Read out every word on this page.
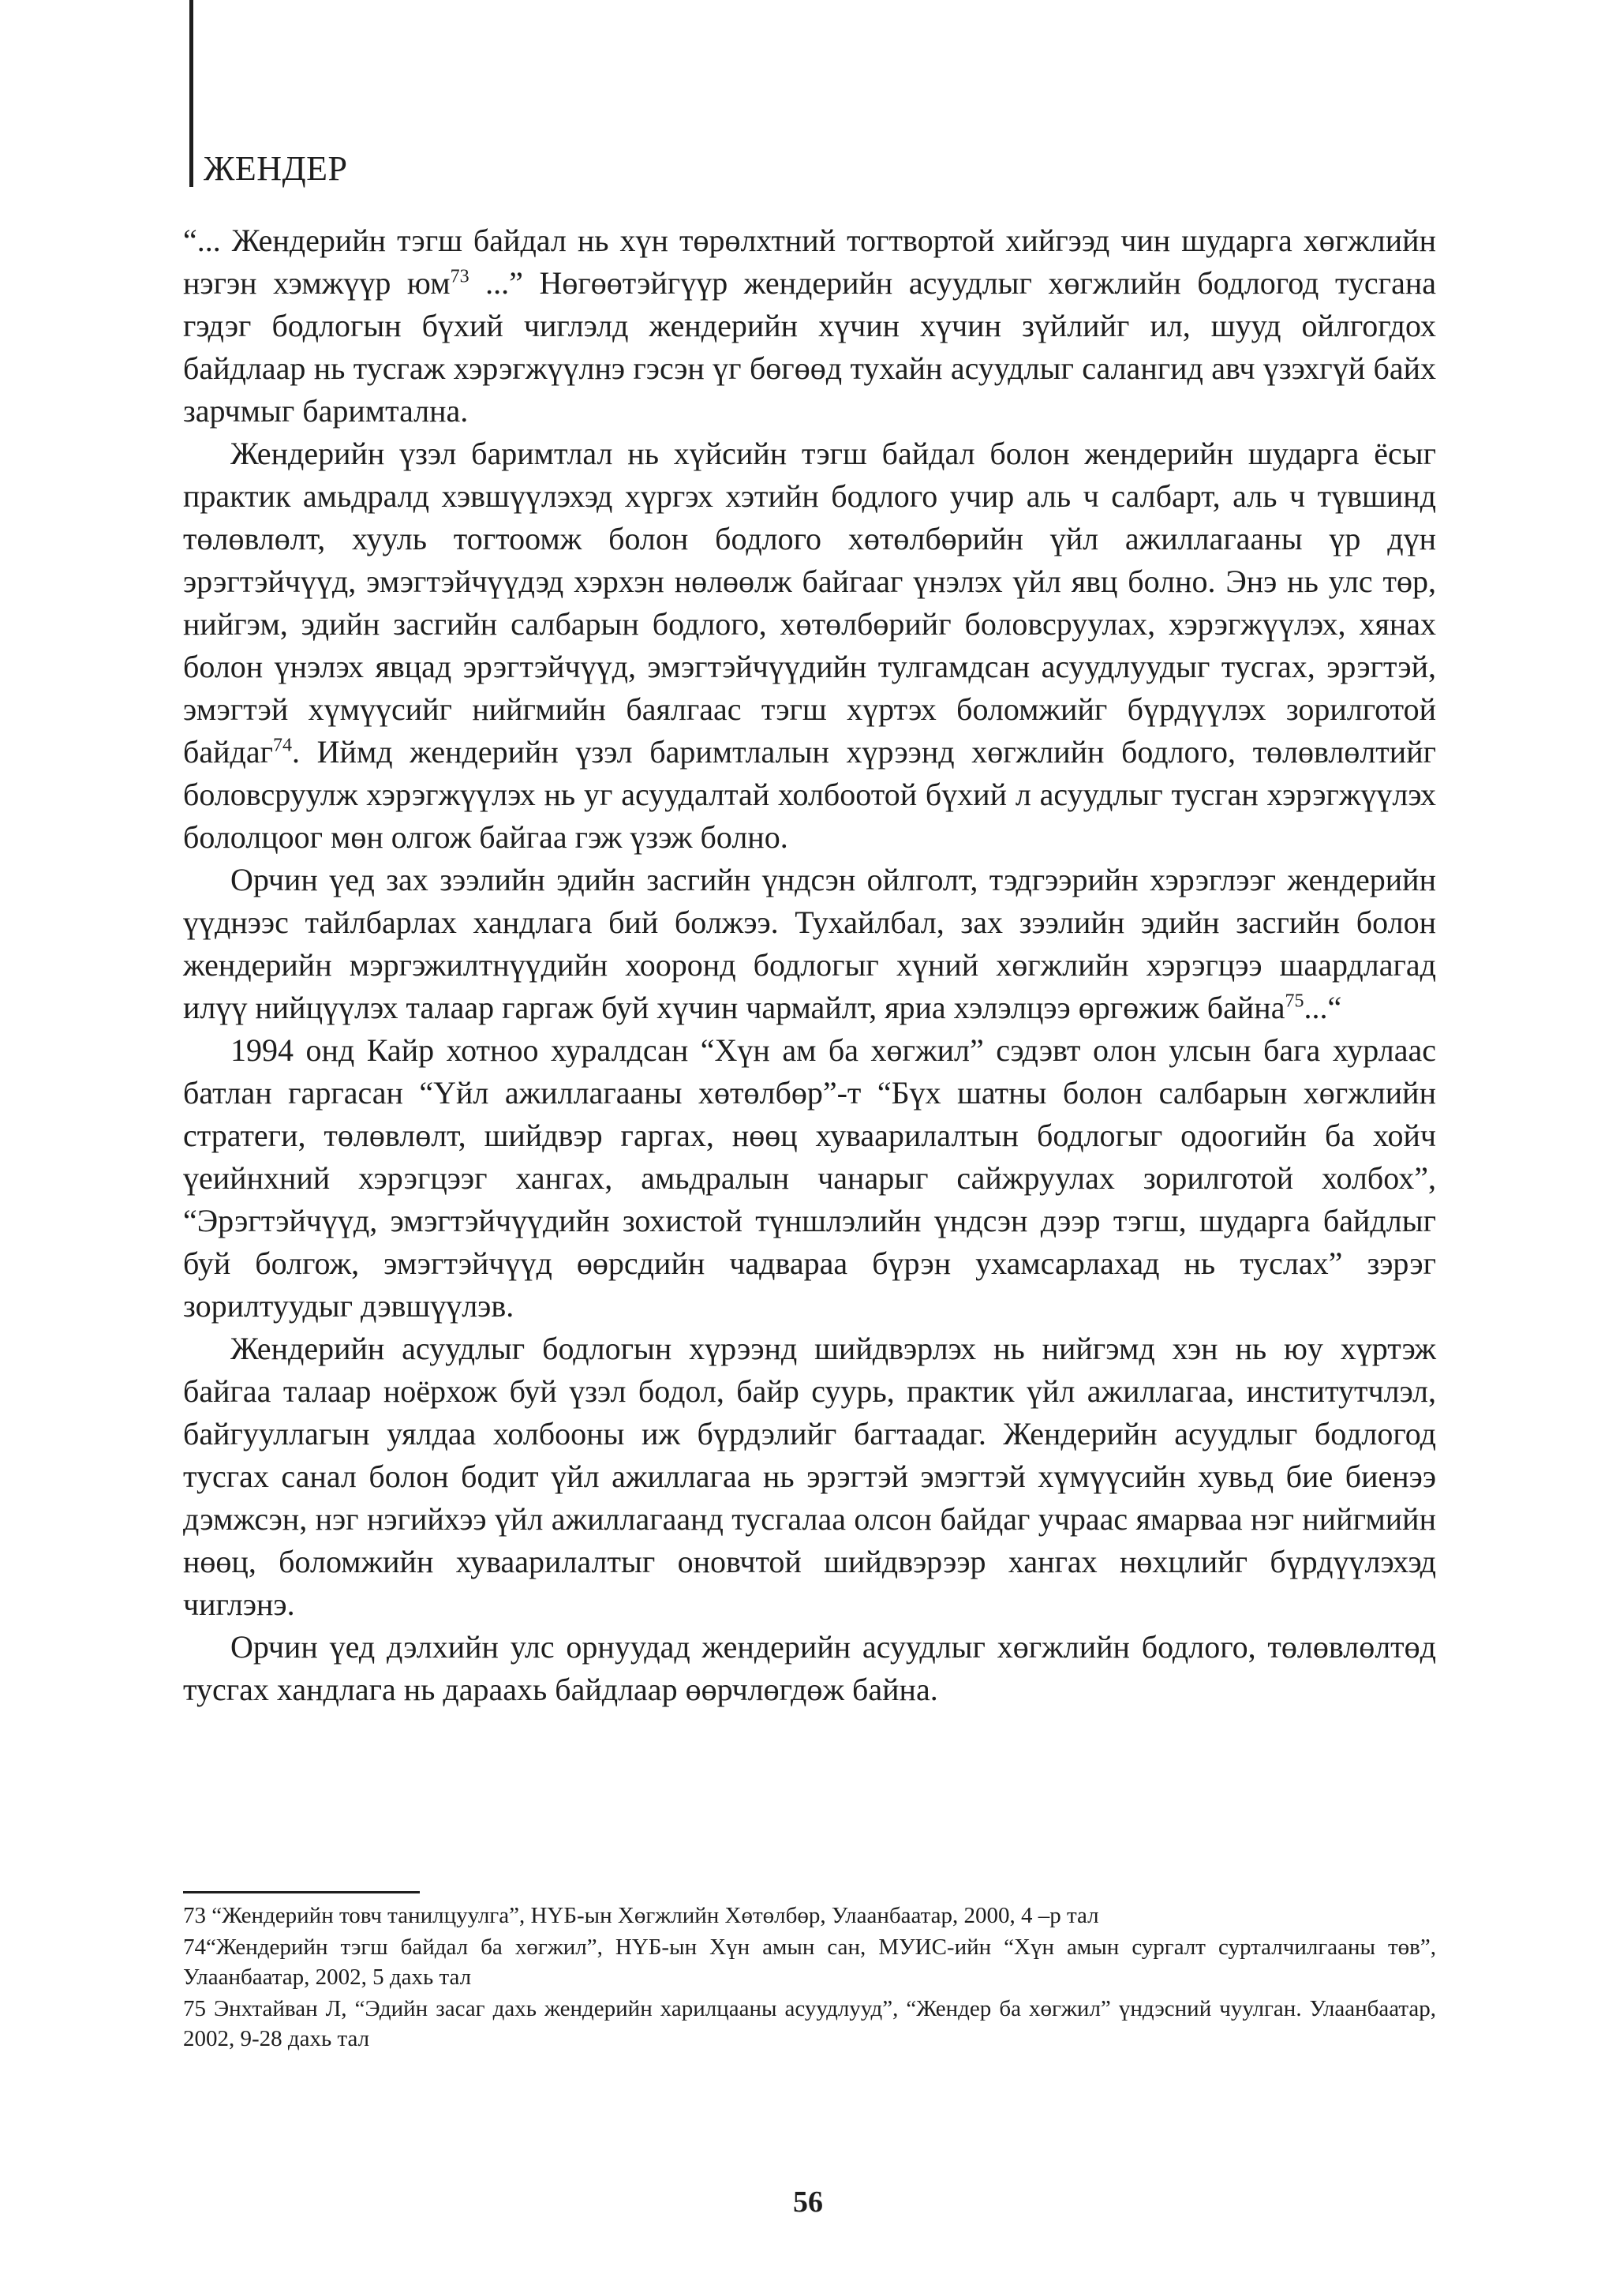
ЖЕНДЕР

“... Жендерийн тэгш байдал нь хүн төрөлхтний тогтвортой хийгээд чин шударга хөгжлийн нэгэн хэмжүүр $юм^{73}$ ...” Нөгөөтэйгүүр жендерийн асуудлыг хөгжлийн бодлогод тусгана гэдэг бодлогын бүхий чиглэлд жендерийн хүчин хүчин зүйлийг ил, шууд ойлгогдох байдлаар нь тусгаж хэрэгжүүлнэ гэсэн үг бөгөөд тухайн асуудлыг салангид авч үзэхгүй байх зарчмыг баримтална.

Жендерийн үзэл баримтлал нь хүйсийн тэгш байдал болон жендерийн шударга ёсыг практик амьдралд хэвшүүлэхэд хүргэх хэтийн бодлого учир аль ч салбарт, аль ч түвшинд төлөвлөлт, хууль тогтоомж болон бодлого хөтөлбөрийн үйл ажиллагааны үр дүн эрэгтэйчүүд, эмэгтэйчүүдэд хэрхэн нөлөөлж байгааг үнэлэх үйл явц болно. Энэ нь улс төр, нийгэм, эдийн засгийн салбарын бодлого, хөтөлбөрийг боловсруулах, хэрэгжүүлэх, хянах болон үнэлэх явцад эрэгтэйчүүд, эмэгтэйчүүдийн тулгамдсан асуудлуудыг тусгах, эрэгтэй, эмэгтэй хүмүүсийг нийгмийн баялгаас тэгш хүртэх боломжийг бүрдүүлэх зорилготой байдаг$^{74}$. Иймд жендерийн үзэл баримтлалын хүрээнд хөгжлийн бодлого, төлөвлөлтийг боловсруулж хэрэгжүүлэх нь уг асуудалтай холбоотой бүхий л асуудлыг тусган хэрэгжүүлэх бололцоог мөн олгож байгаа гэж үзэж болно.

Орчин үед зах зээлийн эдийн засгийн үндсэн ойлголт, тэдгээрийн хэрэглээг жендерийн үүднээс тайлбарлах хандлага бий болжээ. Тухайлбал, зах зээлийн эдийн засгийн болон жендерийн мэргэжилтнүүдийн хооронд бодлогыг хүний хөгжлийн хэрэгцээ шаардлагад илүү нийцүүлэх талаар гаргаж буй хүчин чармайлт, яриа хэлэлцээ өргөжиж байна$^{75}$...“

1994 онд Кайр хотноо хуралдсан “Хүн ам ба хөгжил” сэдэвт олон улсын бага хурлаас батлан гаргасан “Үйл ажиллагааны хөтөлбөр”-т “Бүх шатны болон салбарын хөгжлийн стратеги, төлөвлөлт, шийдвэр гаргах, нөөц хуваарилалтын бодлогыг одоогийн ба хойч үеийнхний хэрэгцээг хангах, амьдралын чанарыг сайжруулах зорилготой холбох”, “Эрэгтэйчүүд, эмэгтэйчүүдийн зохистой түншлэлийн үндсэн дээр тэгш, шударга байдлыг буй болгож, эмэгтэйчүүд өөрсдийн чадвараа бүрэн ухамсарлахад нь туслах” зэрэг зорилтуудыг дэвшүүлэв.

Жендерийн асуудлыг бодлогын хүрээнд шийдвэрлэх нь нийгэмд хэн нь юу хүртэж байгаа талаар ноёрхож буй үзэл бодол, байр суурь, практик үйл ажиллагаа, институтчлэл, байгууллагын уялдаа холбооны иж бүрдэлийг багтаадаг. Жендерийн асуудлыг бодлогод тусгах санал болон бодит үйл ажиллагаа нь эрэгтэй эмэгтэй хүмүүсийн хувьд бие биенээ дэмжсэн, нэг нэгийхээ үйл ажиллагаанд тусгалаа олсон байдаг учраас ямарваа нэг нийгмийн нөөц, боломжийн хуваарилалтыг оновчтой шийдвэрээр хангах нөхцлийг бүрдүүлэхэд чиглэнэ.

Орчин үед дэлхийн улс орнуудад жендерийн асуудлыг хөгжлийн бодлого, төлөвлөлтөд тусгах хандлага нь дараахь байдлаар өөрчлөгдөж байна.

73 “Жендерийн товч танилцуулга”, НҮБ-ын Хөгжлийн Хөтөлбөр, Улаанбаатар, 2000, 4 –р тал

74“Жендерийн тэгш байдал ба хөгжил”, НҮБ-ын Хүн амын сан, МУИС-ийн “Хүн амын сургалт сурталчилгааны төв”, Улаанбаатар, 2002, 5 дахь тал

75 Энхтайван Л, “Эдийн засаг дахь жендерийн харилцааны асуудлууд”, “Жендер ба хөгжил” үндэсний чуулган. Улаанбаатар, 2002, 9-28 дахь тал

56
